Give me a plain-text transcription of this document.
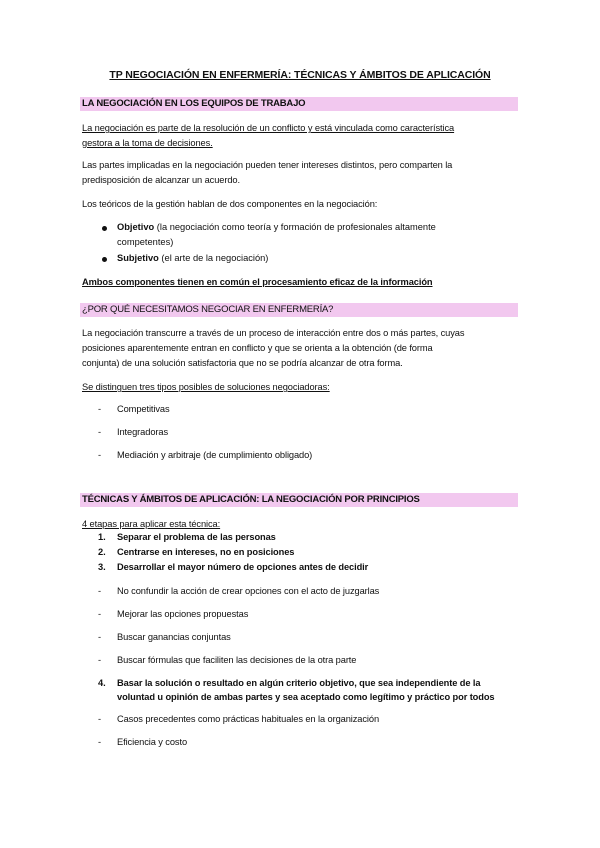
TP NEGOCIACIÓN EN ENFERMERÍA: TÉCNICAS Y ÁMBITOS DE APLICACIÓN
LA NEGOCIACIÓN EN LOS EQUIPOS DE TRABAJO
La negociación es parte de la resolución de un conflicto y está vinculada como característica
gestora a la toma de decisiones.
Las partes implicadas en la negociación pueden tener intereses distintos, pero comparten la
predisposición de alcanzar un acuerdo.
Los teóricos de la gestión hablan de dos componentes en la negociación:
Objetivo (la negociación como teoría y formación de profesionales altamente
competentes)
Subjetivo (el arte de la negociación)
Ambos componentes tienen en común el procesamiento eficaz de la información
¿POR QUÉ NECESITAMOS NEGOCIAR EN ENFERMERÍA?
La negociación transcurre a través de un proceso de interacción entre dos o más partes, cuyas
posiciones aparentemente entran en conflicto y que se orienta a la obtención (de forma
conjunta) de una solución satisfactoria que no se podría alcanzar de otra forma.
Se distinguen tres tipos posibles de soluciones negociadoras:
- Competitivas
- Integradoras
- Mediación y arbitraje (de cumplimiento obligado)
TÉCNICAS Y ÁMBITOS DE APLICACIÓN: LA NEGOCIACIÓN POR PRINCIPIOS
4 etapas para aplicar esta técnica:
1. Separar el problema de las personas
2. Centrarse en intereses, no en posiciones
3. Desarrollar el mayor número de opciones antes de decidir
- No confundir la acción de crear opciones con el acto de juzgarlas
- Mejorar las opciones propuestas
- Buscar ganancias conjuntas
- Buscar fórmulas que faciliten las decisiones de la otra parte
4. Basar la solución o resultado en algún criterio objetivo, que sea independiente de la
voluntad u opinión de ambas partes y sea aceptado como legítimo y práctico por todos
- Casos precedentes como prácticas habituales en la organización
- Eficiencia y costo
